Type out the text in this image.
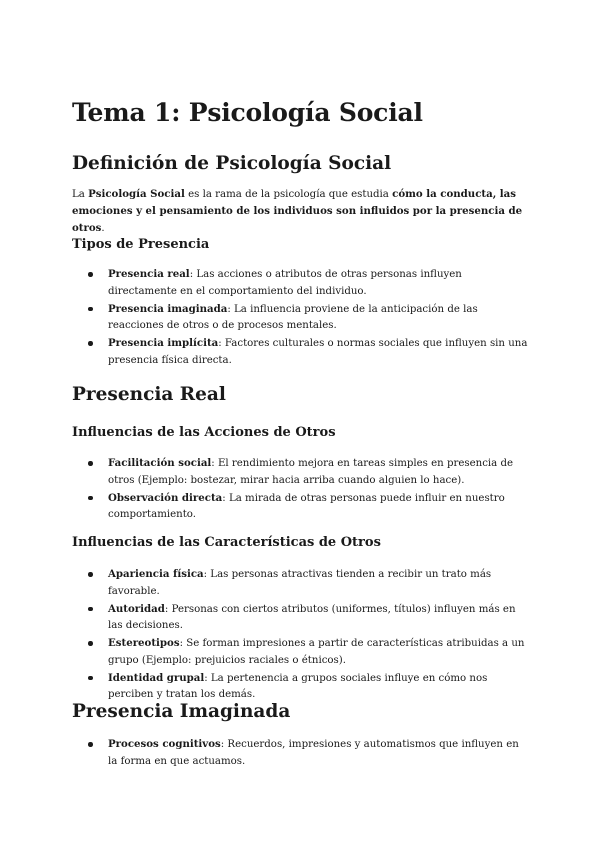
Tema 1: Psicología Social
Definición de Psicología Social

La Psicología Social es la rama de la psicología que estudia cómo la conducta, las emociones y el pensamiento de los individuos son influidos por la presencia de otros.

Tipos de Presencia
Presencia real: Las acciones o atributos de otras personas influyen directamente en el comportamiento del individuo.
Presencia imaginada: La influencia proviene de la anticipación de las reacciones de otros o de procesos mentales.
Presencia implícita: Factores culturales o normas sociales que influyen sin una presencia física directa.
Presencia Real
Influencias de las Acciones de Otros
Facilitación social: El rendimiento mejora en tareas simples en presencia de otros (Ejemplo: bostezar, mirar hacia arriba cuando alguien lo hace).
Observación directa: La mirada de otras personas puede influir en nuestro comportamiento.
Influencias de las Características de Otros
Apariencia física: Las personas atractivas tienden a recibir un trato más favorable.
Autoridad: Personas con ciertos atributos (uniformes, títulos) influyen más en las decisiones.
Estereotipos: Se forman impresiones a partir de características atribuidas a un grupo (Ejemplo: prejuicios raciales o étnicos).
Identidad grupal: La pertenencia a grupos sociales influye en cómo nos perciben y tratan los demás.
Presencia Imaginada
Procesos cognitivos: Recuerdos, impresiones y automatismos que influyen en la forma en que actuamos.
